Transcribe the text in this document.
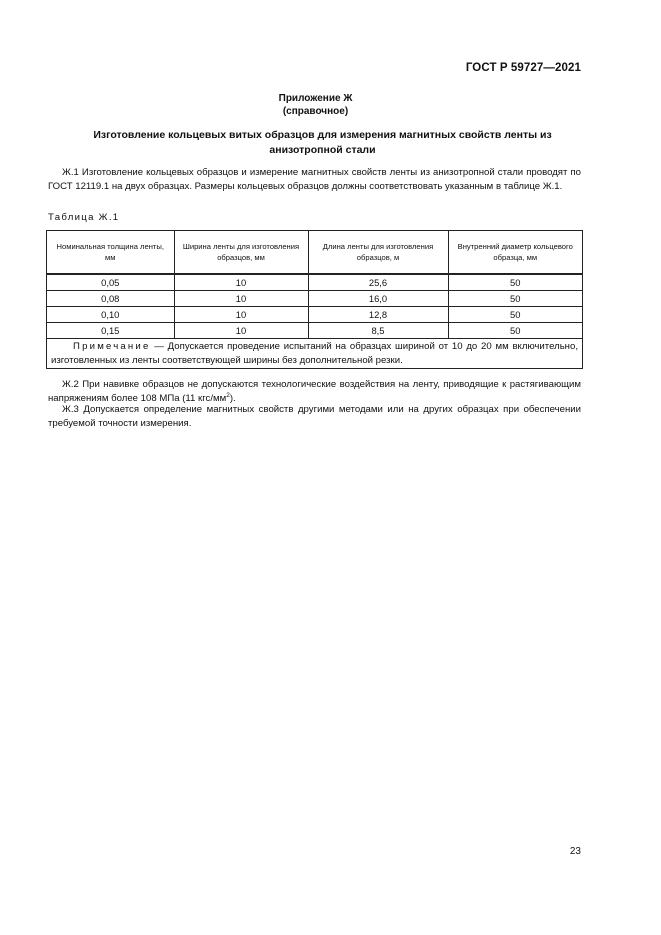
ГОСТ Р 59727—2021
Приложение Ж
(справочное)
Изготовление кольцевых витых образцов для измерения магнитных свойств ленты из анизотропной стали
Ж.1 Изготовление кольцевых образцов и измерение магнитных свойств ленты из анизотропной стали проводят по ГОСТ 12119.1 на двух образцах. Размеры кольцевых образцов должны соответствовать указанным в таблице Ж.1.
Таблица Ж.1
Номинальная толщина ленты, мм	Ширина ленты для изготовления образцов, мм	Длина ленты для изготовления образцов, м	Внутренний диаметр кольцевого образца, мм
0,05	10	25,6	50
0,08	10	16,0	50
0,10	10	12,8	50
0,15	10	8,5	50
Примечание — Допускается проведение испытаний на образцах шириной от 10 до 20 мм включительно, изготовленных из ленты соответствующей ширины без дополнительной резки.			
Ж.2 При навивке образцов не допускаются технологические воздействия на ленту, приводящие к растягивающим напряжениям более 108 МПа (11 кгс/$мм^2$).
Ж.3 Допускается определение магнитных свойств другими методами или на других образцах при обеспечении требуемой точности измерения.
23
